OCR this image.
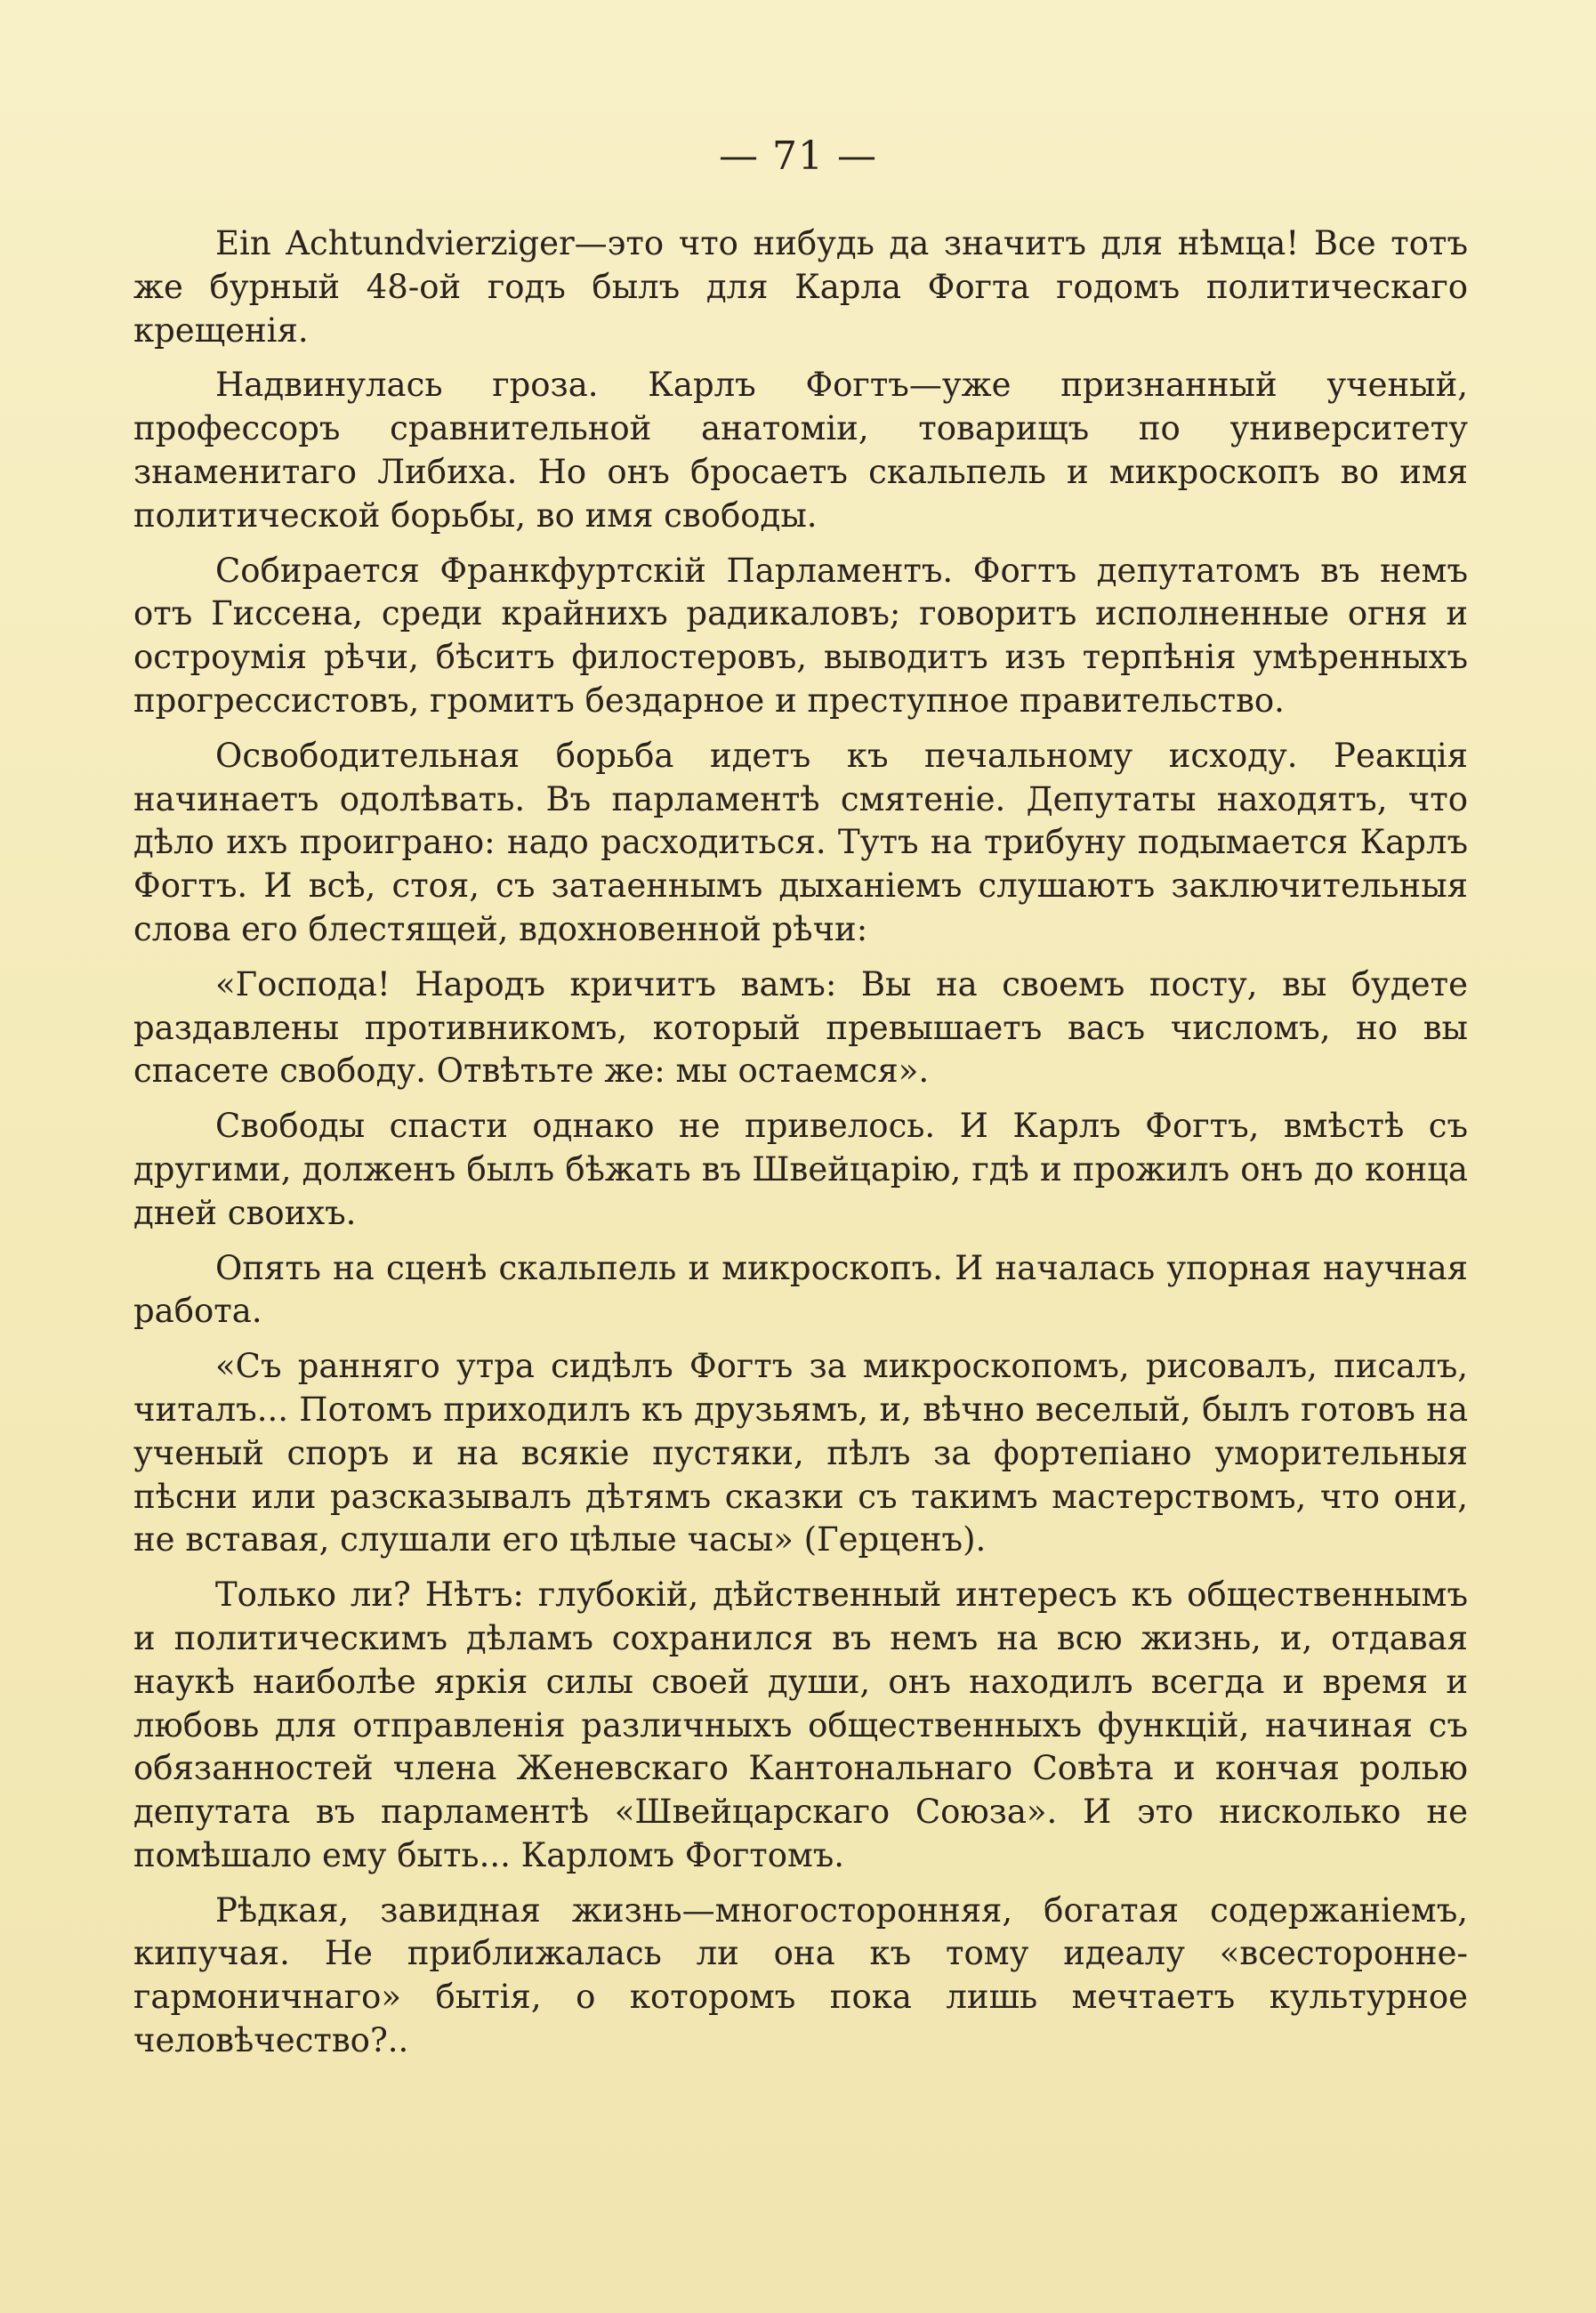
— 71 —

Ein Achtundvierziger—это что нибудь да значитъ для нѣмца! Все тотъ же бурный 48-ой годъ былъ для Карла Фогта годомъ политическаго крещенія.

Надвинулась гроза. Карлъ Фогтъ—уже признанный ученый, профессоръ сравнительной анатоміи, товарищъ по университету знаменитаго Либиха. Но онъ бросаетъ скальпель и микроскопъ во имя политической борьбы, во имя свободы.

Собирается Франкфуртскій Парламентъ. Фогтъ депутатомъ въ немъ отъ Гиссена, среди крайнихъ радикаловъ; говоритъ исполненные огня и остроумія рѣчи, бѣситъ филостеровъ, выводитъ изъ терпѣнія умѣренныхъ прогрессистовъ, громитъ бездарное и преступное правительство.

Освободительная борьба идетъ къ печальному исходу. Реакція начинаетъ одолѣвать. Въ парламентѣ смятеніе. Депутаты находятъ, что дѣло ихъ проиграно: надо расходиться. Тутъ на трибуну подымается Карлъ Фогтъ. И всѣ, стоя, съ затаеннымъ дыханіемъ слушаютъ заключительныя слова его блестящей, вдохновенной рѣчи:

«Господа! Народъ кричитъ вамъ: Вы на своемъ посту, вы будете раздавлены противникомъ, который превышаетъ васъ числомъ, но вы спасете свободу. Отвѣтьте же: мы остаемся».

Свободы спасти однако не привелось. И Карлъ Фогтъ, вмѣстѣ съ другими, долженъ былъ бѣжать въ Швейцарію, гдѣ и прожилъ онъ до конца дней своихъ.

Опять на сценѣ скальпель и микроскопъ. И началась упорная научная работа.

«Съ ранняго утра сидѣлъ Фогтъ за микроскопомъ, рисовалъ, писалъ, читалъ... Потомъ приходилъ къ друзьямъ, и, вѣчно веселый, былъ готовъ на ученый споръ и на всякіе пустяки, пѣлъ за фортепіано уморительныя пѣсни или разсказывалъ дѣтямъ сказки съ такимъ мастерствомъ, что они, не вставая, слушали его цѣлые часы» (Герценъ).

Только ли? Нѣтъ: глубокій, дѣйственный интересъ къ общественнымъ и политическимъ дѣламъ сохранился въ немъ на всю жизнь, и, отдавая наукѣ наиболѣе яркія силы своей души, онъ находилъ всегда и время и любовь для отправленія различныхъ общественныхъ функцій, начиная съ обязанностей члена Женевскаго Кантональнаго Совѣта и кончая ролью депутата въ парламентѣ «Швейцарскаго Союза». И это нисколько не помѣшало ему быть... Карломъ Фогтомъ.

Рѣдкая, завидная жизнь—многосторонняя, богатая содержаніемъ, кипучая. Не приближалась ли она къ тому идеалу «всесторонне-гармоничнаго» бытія, о которомъ пока лишь мечтаетъ культурное человѣчество?..
